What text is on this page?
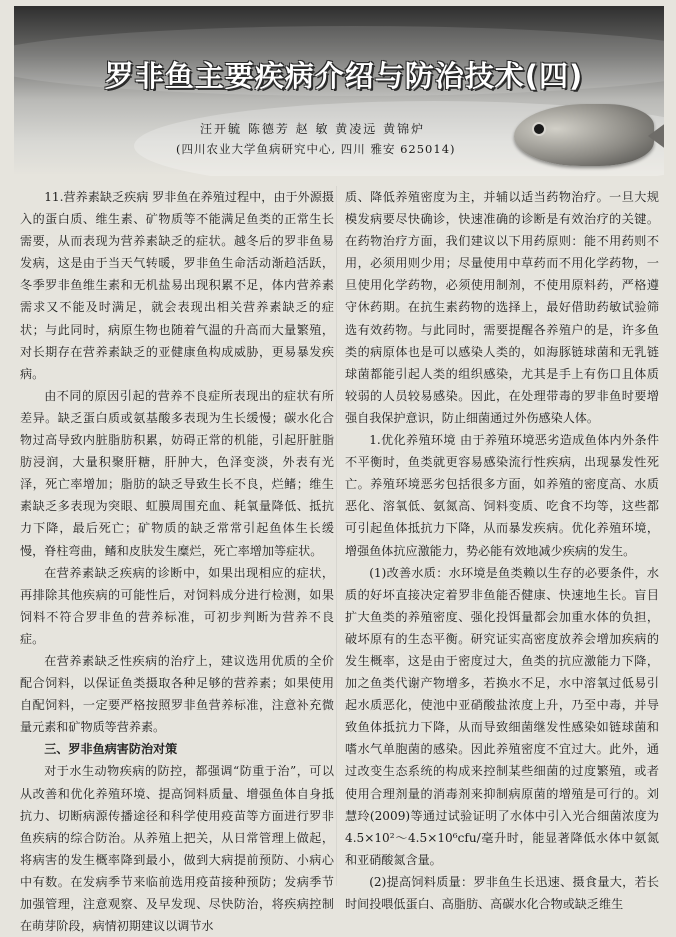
罗非鱼主要疾病介绍与防治技术(四)
汪开毓 陈德芳 赵 敏 黄凌远 黄锦炉
(四川农业大学鱼病研究中心, 四川 雅安 625014)

11.营养素缺乏疾病 罗非鱼在养殖过程中，由于外源摄入的蛋白质、维生素、矿物质等不能满足鱼类的正常生长需要，从而表现为营养素缺乏的症状。越冬后的罗非鱼易发病，这是由于当天气转暖，罗非鱼生命活动渐趋活跃，冬季罗非鱼维生素和无机盐易出现积累不足，体内营养素需求又不能及时满足，就会表现出相关营养素缺乏的症状；与此同时，病原生物也随着气温的升高而大量繁殖，对长期存在营养素缺乏的亚健康鱼构成威胁，更易暴发疾病。

由不同的原因引起的营养不良症所表现出的症状有所差异。缺乏蛋白质或氨基酸多表现为生长缓慢；碳水化合物过高导致内脏脂肪积累，妨碍正常的机能，引起肝脏脂肪浸润，大量积聚肝糖，肝肿大，色泽变淡，外表有光泽，死亡率增加；脂肪的缺乏导致生长不良，烂鳍；维生素缺乏多表现为突眼、虹膜周围充血、耗氧量降低、抵抗力下降，最后死亡；矿物质的缺乏常常引起鱼体生长缓慢，脊柱弯曲，鳍和皮肤发生糜烂，死亡率增加等症状。

在营养素缺乏疾病的诊断中，如果出现相应的症状，再排除其他疾病的可能性后，对饲料成分进行检测，如果饲料不符合罗非鱼的营养标准，可初步判断为营养不良症。

在营养素缺乏性疾病的治疗上，建议选用优质的全价配合饲料，以保证鱼类摄取各种足够的营养素；如果使用自配饲料，一定要严格按照罗非鱼营养标准，注意补充微量元素和矿物质等营养素。

三、罗非鱼病害防治对策

对于水生动物疾病的防控，都强调“防重于治”，可以从改善和优化养殖环境、提高饲料质量、增强鱼体自身抵抗力、切断病源传播途径和科学使用疫苗等方面进行罗非鱼疾病的综合防治。从养殖上把关，从日常管理上做起，将病害的发生概率降到最小，做到大病提前预防、小病心中有数。在发病季节来临前选用疫苗接种预防；发病季节加强管理，注意观察、及早发现、尽快防治，将疾病控制在萌芽阶段，病情初期建议以调节水

质、降低养殖密度为主，并辅以适当药物治疗。一旦大规模发病要尽快确诊，快速准确的诊断是有效治疗的关键。在药物治疗方面，我们建议以下用药原则：能不用药则不用，必须用则少用；尽量使用中草药而不用化学药物，一旦使用化学药物，必须使用制剂，不使用原料药，严格遵守休药期。在抗生素药物的选择上，最好借助药敏试验筛选有效药物。与此同时，需要提醒各养殖户的是，许多鱼类的病原体也是可以感染人类的，如海豚链球菌和无乳链球菌都能引起人类的组织感染，尤其是手上有伤口且体质较弱的人员较易感染。因此，在处理带毒的罗非鱼时要增强自我保护意识，防止细菌通过外伤感染人体。

1.优化养殖环境 由于养殖环境恶劣造成鱼体内外条件不平衡时，鱼类就更容易感染流行性疾病，出现暴发性死亡。养殖环境恶劣包括很多方面，如养殖的密度高、水质恶化、溶氧低、氨氮高、饲料变质、吃食不均等，这些都可引起鱼体抵抗力下降，从而暴发疾病。优化养殖环境，增强鱼体抗应激能力，势必能有效地减少疾病的发生。

(1)改善水质：水环境是鱼类赖以生存的必要条件，水质的好坏直接决定着罗非鱼能否健康、快速地生长。盲目扩大鱼类的养殖密度、强化投饵量都会加重水体的负担，破坏原有的生态平衡。研究证实高密度放养会增加疾病的发生概率，这是由于密度过大，鱼类的抗应激能力下降，加之鱼类代谢产物增多，若换水不足，水中溶氧过低易引起水质恶化，使池中亚硝酸盐浓度上升，乃至中毒，并导致鱼体抵抗力下降，从而导致细菌继发性感染如链球菌和嗜水气单胞菌的感染。因此养殖密度不宜过大。此外，通过改变生态系统的构成来控制某些细菌的过度繁殖，或者使用合理剂量的消毒剂来抑制病原菌的增殖是可行的。刘慧玲(2009)等通过试验证明了水体中引入光合细菌浓度为4.5×10²～4.5×10⁶cfu/毫升时，能显著降低水体中氨氮和亚硝酸氮含量。

(2)提高饲料质量：罗非鱼生长迅速、摄食量大，若长时间投喂低蛋白、高脂肪、高碳水化合物或缺乏维生
